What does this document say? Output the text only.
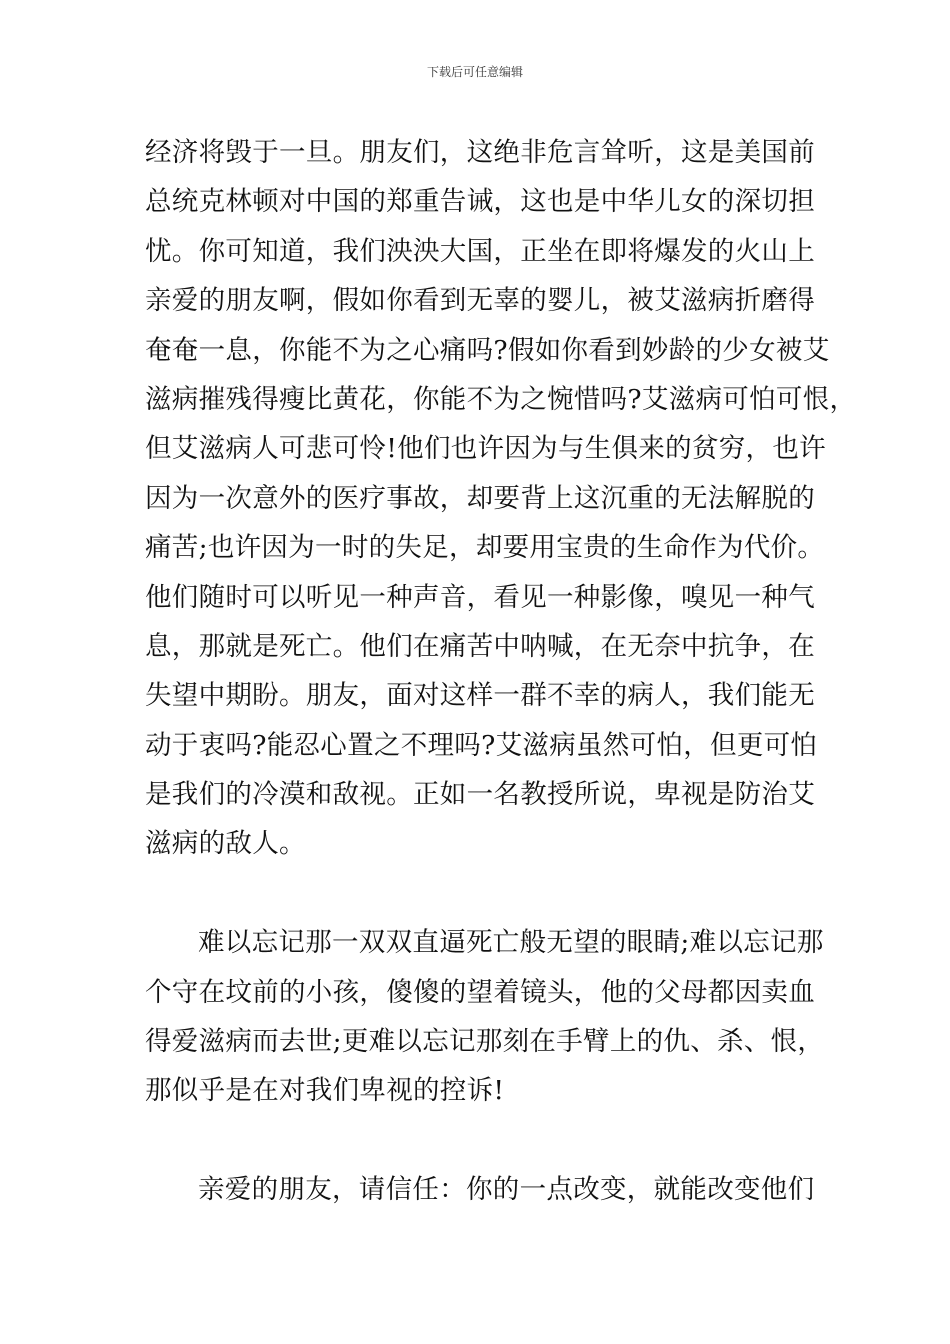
下载后可任意编辑
经济将毁于一旦。朋友们，这绝非危言耸听，这是美国前
总统克林顿对中国的郑重告诫，这也是中华儿女的深切担
忧。你可知道，我们泱泱大国，正坐在即将爆发的火山上
亲爱的朋友啊，假如你看到无辜的婴儿，被艾滋病折磨得
奄奄一息，你能不为之心痛吗?假如你看到妙龄的少女被艾
滋病摧残得瘦比黄花，你能不为之惋惜吗?艾滋病可怕可恨，
但艾滋病人可悲可怜!他们也许因为与生俱来的贫穷，也许
因为一次意外的医疗事故，却要背上这沉重的无法解脱的
痛苦;也许因为一时的失足，却要用宝贵的生命作为代价。
他们随时可以听见一种声音，看见一种影像，嗅见一种气
息，那就是死亡。他们在痛苦中呐喊，在无奈中抗争，在
失望中期盼。朋友，面对这样一群不幸的病人，我们能无
动于衷吗?能忍心置之不理吗?艾滋病虽然可怕，但更可怕
是我们的冷漠和敌视。正如一名教授所说，卑视是防治艾
滋病的敌人。
难以忘记那一双双直逼死亡般无望的眼睛;难以忘记那
个守在坟前的小孩，傻傻的望着镜头，他的父母都因卖血
得爱滋病而去世;更难以忘记那刻在手臂上的仇、杀、恨，
那似乎是在对我们卑视的控诉!
亲爱的朋友，请信任：你的一点改变，就能改变他们
